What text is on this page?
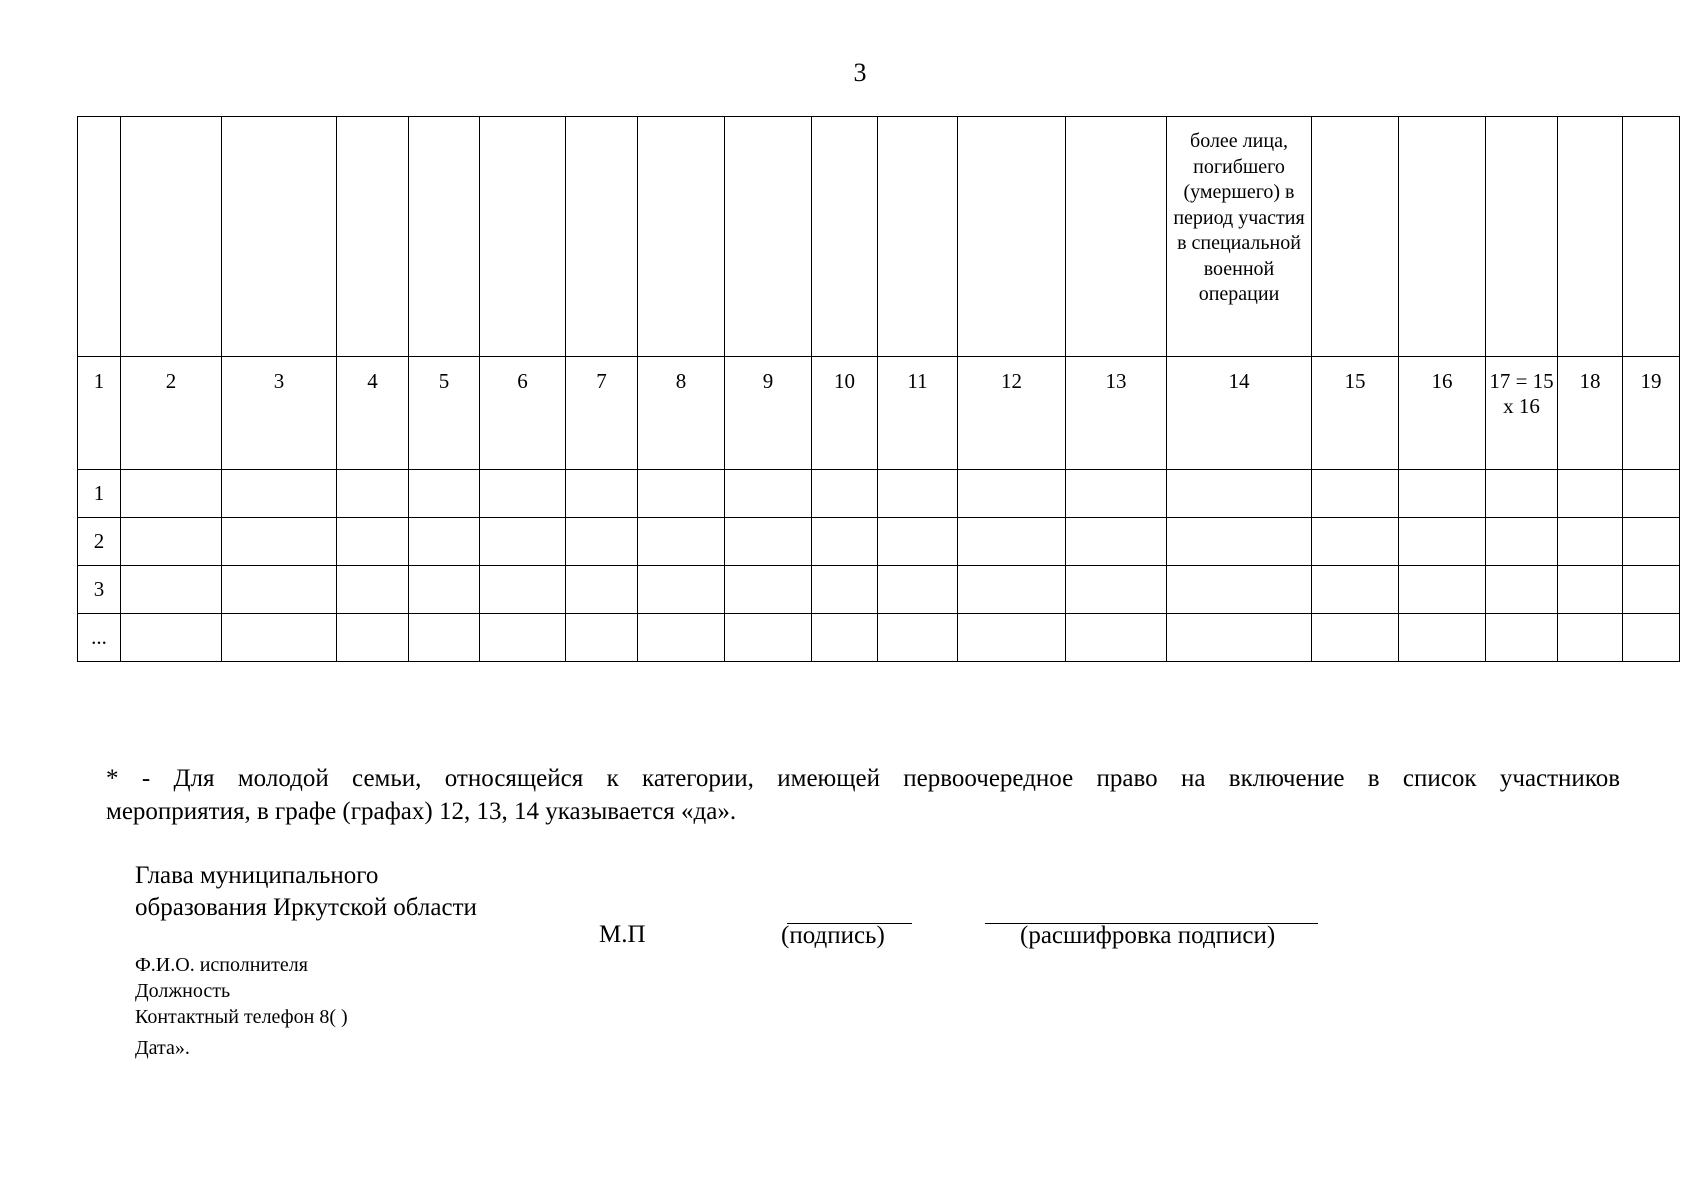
3
													более лица, погибшего (умершего) в период участия в специальной военной операции					
1	2	3	4	5	6	7	8	9	10	11	12	13	14	15	16	17 = 15 x 16	18	19
1																		
2																		
3																		
...																		
* - Для молодой семьи, относящейся к категории, имеющей первоочередное право на включение в список участников
мероприятия, в графе (графах) 12, 13, 14 указывается «да».
Глава муниципального
образования Иркутской области
М.П	(подпись)	(расшифровка подписи)
Ф.И.О. исполнителя
Должность
Контактный телефон 8( )
Дата».
